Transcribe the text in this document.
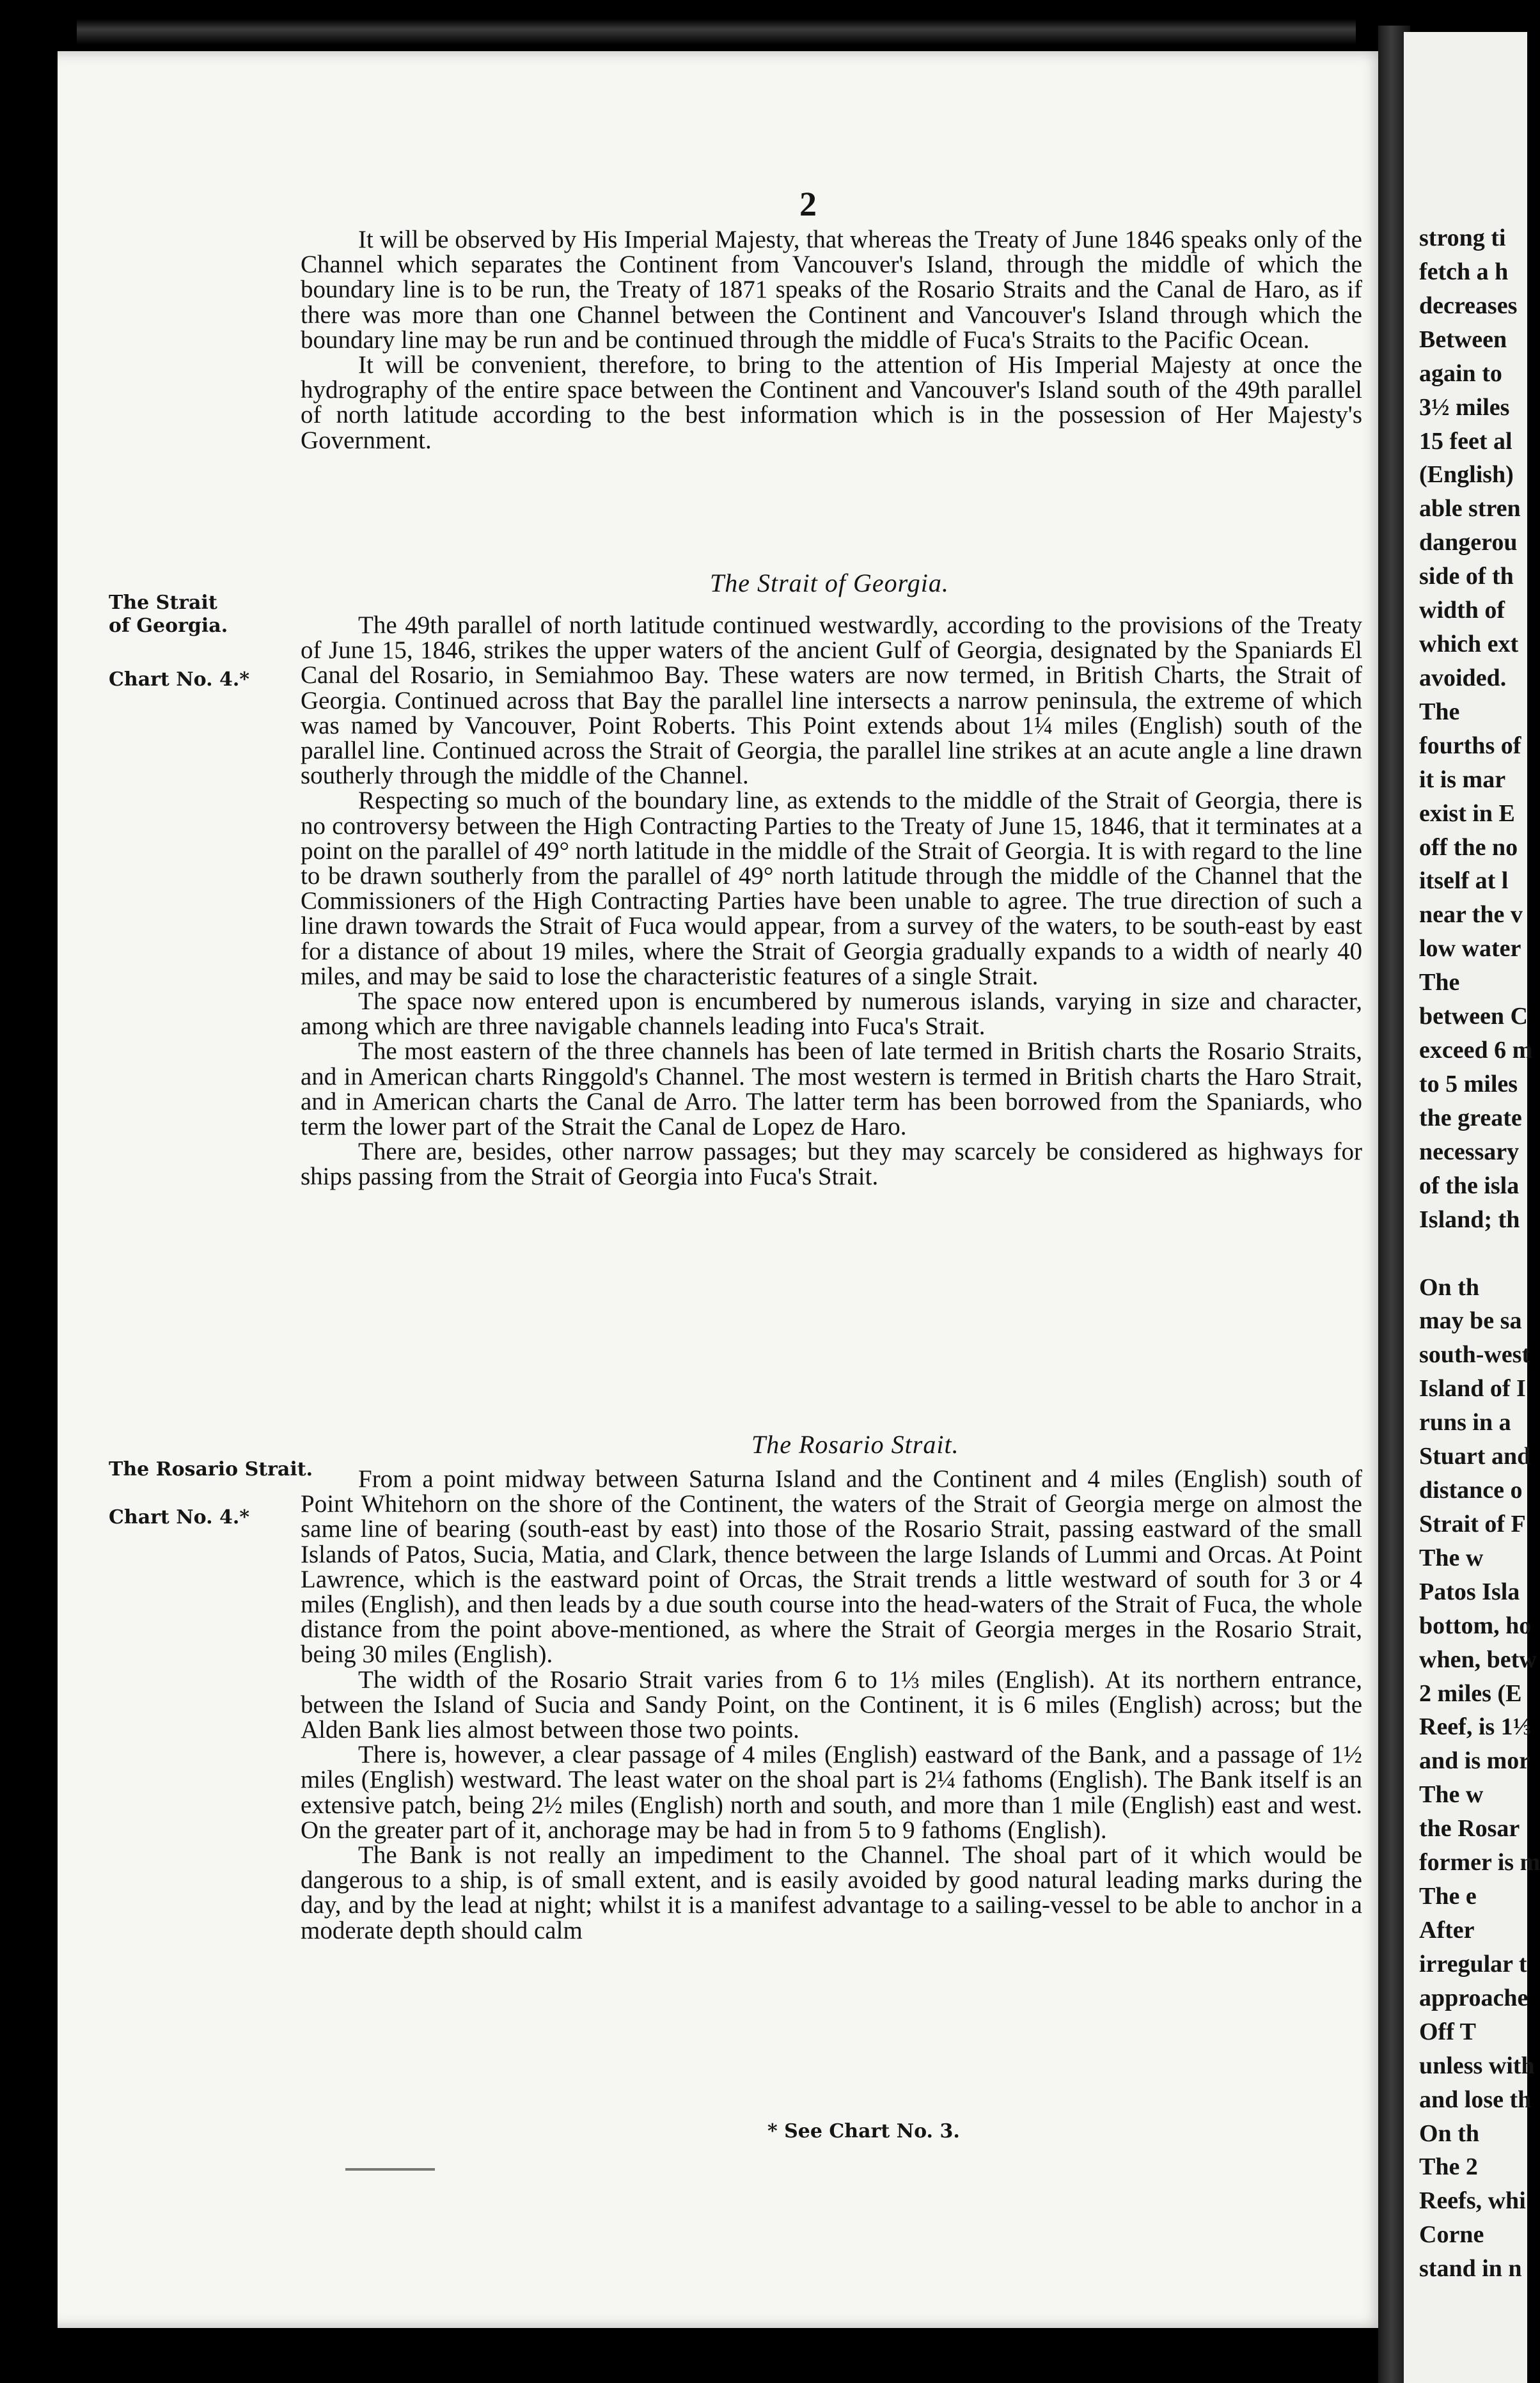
strong ti
fetch a h
decreases
Between
again to
3½ miles
15 feet al
(English)
able stren
dangerou
side of th
width of
which ext
avoided.
The
fourths of
it is mar
exist in E
off the no
itself at l
near the v
low water
The
between C
exceed 6 m
to 5 miles
the greate
necessary
of the isla
Island; th
On th
may be sa
south-west
Island of I
runs in a
Stuart and
distance o
Strait of F
The w
Patos Isla
bottom, ho
when, betw
2 miles (E
Reef, is 1⅓
and is mor
The w
the Rosar
former is m
The e
After
irregular t
approache
Off T
unless with
and lose th
On th
The 2
Reefs, whi
Corne
stand in n
2

It will be observed by His Imperial Majesty, that whereas the Treaty of June 1846 speaks only of the Channel which separates the Continent from Vancouver's Island, through the middle of which the boundary line is to be run, the Treaty of 1871 speaks of the Rosario Straits and the Canal de Haro, as if there was more than one Channel between the Continent and Vancouver's Island through which the boundary line may be run and be continued through the middle of Fuca's Straits to the Pacific Ocean.

It will be convenient, therefore, to bring to the attention of His Imperial Majesty at once the hydrography of the entire space between the Continent and Vancouver's Island south of the 49th parallel of north latitude according to the best information which is in the possession of Her Majesty's Government.

The Strait of Georgia.
The Strait of Georgia.
Chart No. 4.*

The 49th parallel of north latitude continued westwardly, according to the provisions of the Treaty of June 15, 1846, strikes the upper waters of the ancient Gulf of Georgia, designated by the Spaniards El Canal del Rosario, in Semiahmoo Bay. These waters are now termed, in British Charts, the Strait of Georgia. Continued across that Bay the parallel line intersects a narrow peninsula, the extreme of which was named by Vancouver, Point Roberts. This Point extends about 1¼ miles (English) south of the parallel line. Continued across the Strait of Georgia, the parallel line strikes at an acute angle a line drawn southerly through the middle of the Channel.

Respecting so much of the boundary line, as extends to the middle of the Strait of Georgia, there is no controversy between the High Contracting Parties to the Treaty of June 15, 1846, that it terminates at a point on the parallel of 49° north latitude in the middle of the Strait of Georgia. It is with regard to the line to be drawn southerly from the parallel of 49° north latitude through the middle of the Channel that the Commissioners of the High Contracting Parties have been unable to agree. The true direction of such a line drawn towards the Strait of Fuca would appear, from a survey of the waters, to be south-east by east for a distance of about 19 miles, where the Strait of Georgia gradually expands to a width of nearly 40 miles, and may be said to lose the characteristic features of a single Strait.

The space now entered upon is encumbered by numerous islands, varying in size and character, among which are three navigable channels leading into Fuca's Strait.

The most eastern of the three channels has been of late termed in British charts the Rosario Straits, and in American charts Ringgold's Channel. The most western is termed in British charts the Haro Strait, and in American charts the Canal de Arro. The latter term has been borrowed from the Spaniards, who term the lower part of the Strait the Canal de Lopez de Haro.

There are, besides, other narrow passages; but they may scarcely be considered as highways for ships passing from the Strait of Georgia into Fuca's Strait.

The Rosario Strait.
The Rosario Strait.
Chart No. 4.*

From a point midway between Saturna Island and the Continent and 4 miles (English) south of Point Whitehorn on the shore of the Continent, the waters of the Strait of Georgia merge on almost the same line of bearing (south-east by east) into those of the Rosario Strait, passing eastward of the small Islands of Patos, Sucia, Matia, and Clark, thence between the large Islands of Lummi and Orcas. At Point Lawrence, which is the eastward point of Orcas, the Strait trends a little westward of south for 3 or 4 miles (English), and then leads by a due south course into the head-waters of the Strait of Fuca, the whole distance from the point above-mentioned, as where the Strait of Georgia merges in the Rosario Strait, being 30 miles (English).

The width of the Rosario Strait varies from 6 to 1⅓ miles (English). At its northern entrance, between the Island of Sucia and Sandy Point, on the Continent, it is 6 miles (English) across; but the Alden Bank lies almost between those two points.

There is, however, a clear passage of 4 miles (English) eastward of the Bank, and a passage of 1½ miles (English) westward. The least water on the shoal part is 2¼ fathoms (English). The Bank itself is an extensive patch, being 2½ miles (English) north and south, and more than 1 mile (English) east and west. On the greater part of it, anchorage may be had in from 5 to 9 fathoms (English).

The Bank is not really an impediment to the Channel. The shoal part of it which would be dangerous to a ship, is of small extent, and is easily avoided by good natural leading marks during the day, and by the lead at night; whilst it is a manifest advantage to a sailing-vessel to be able to anchor in a moderate depth should calm

* See Chart No. 3.
